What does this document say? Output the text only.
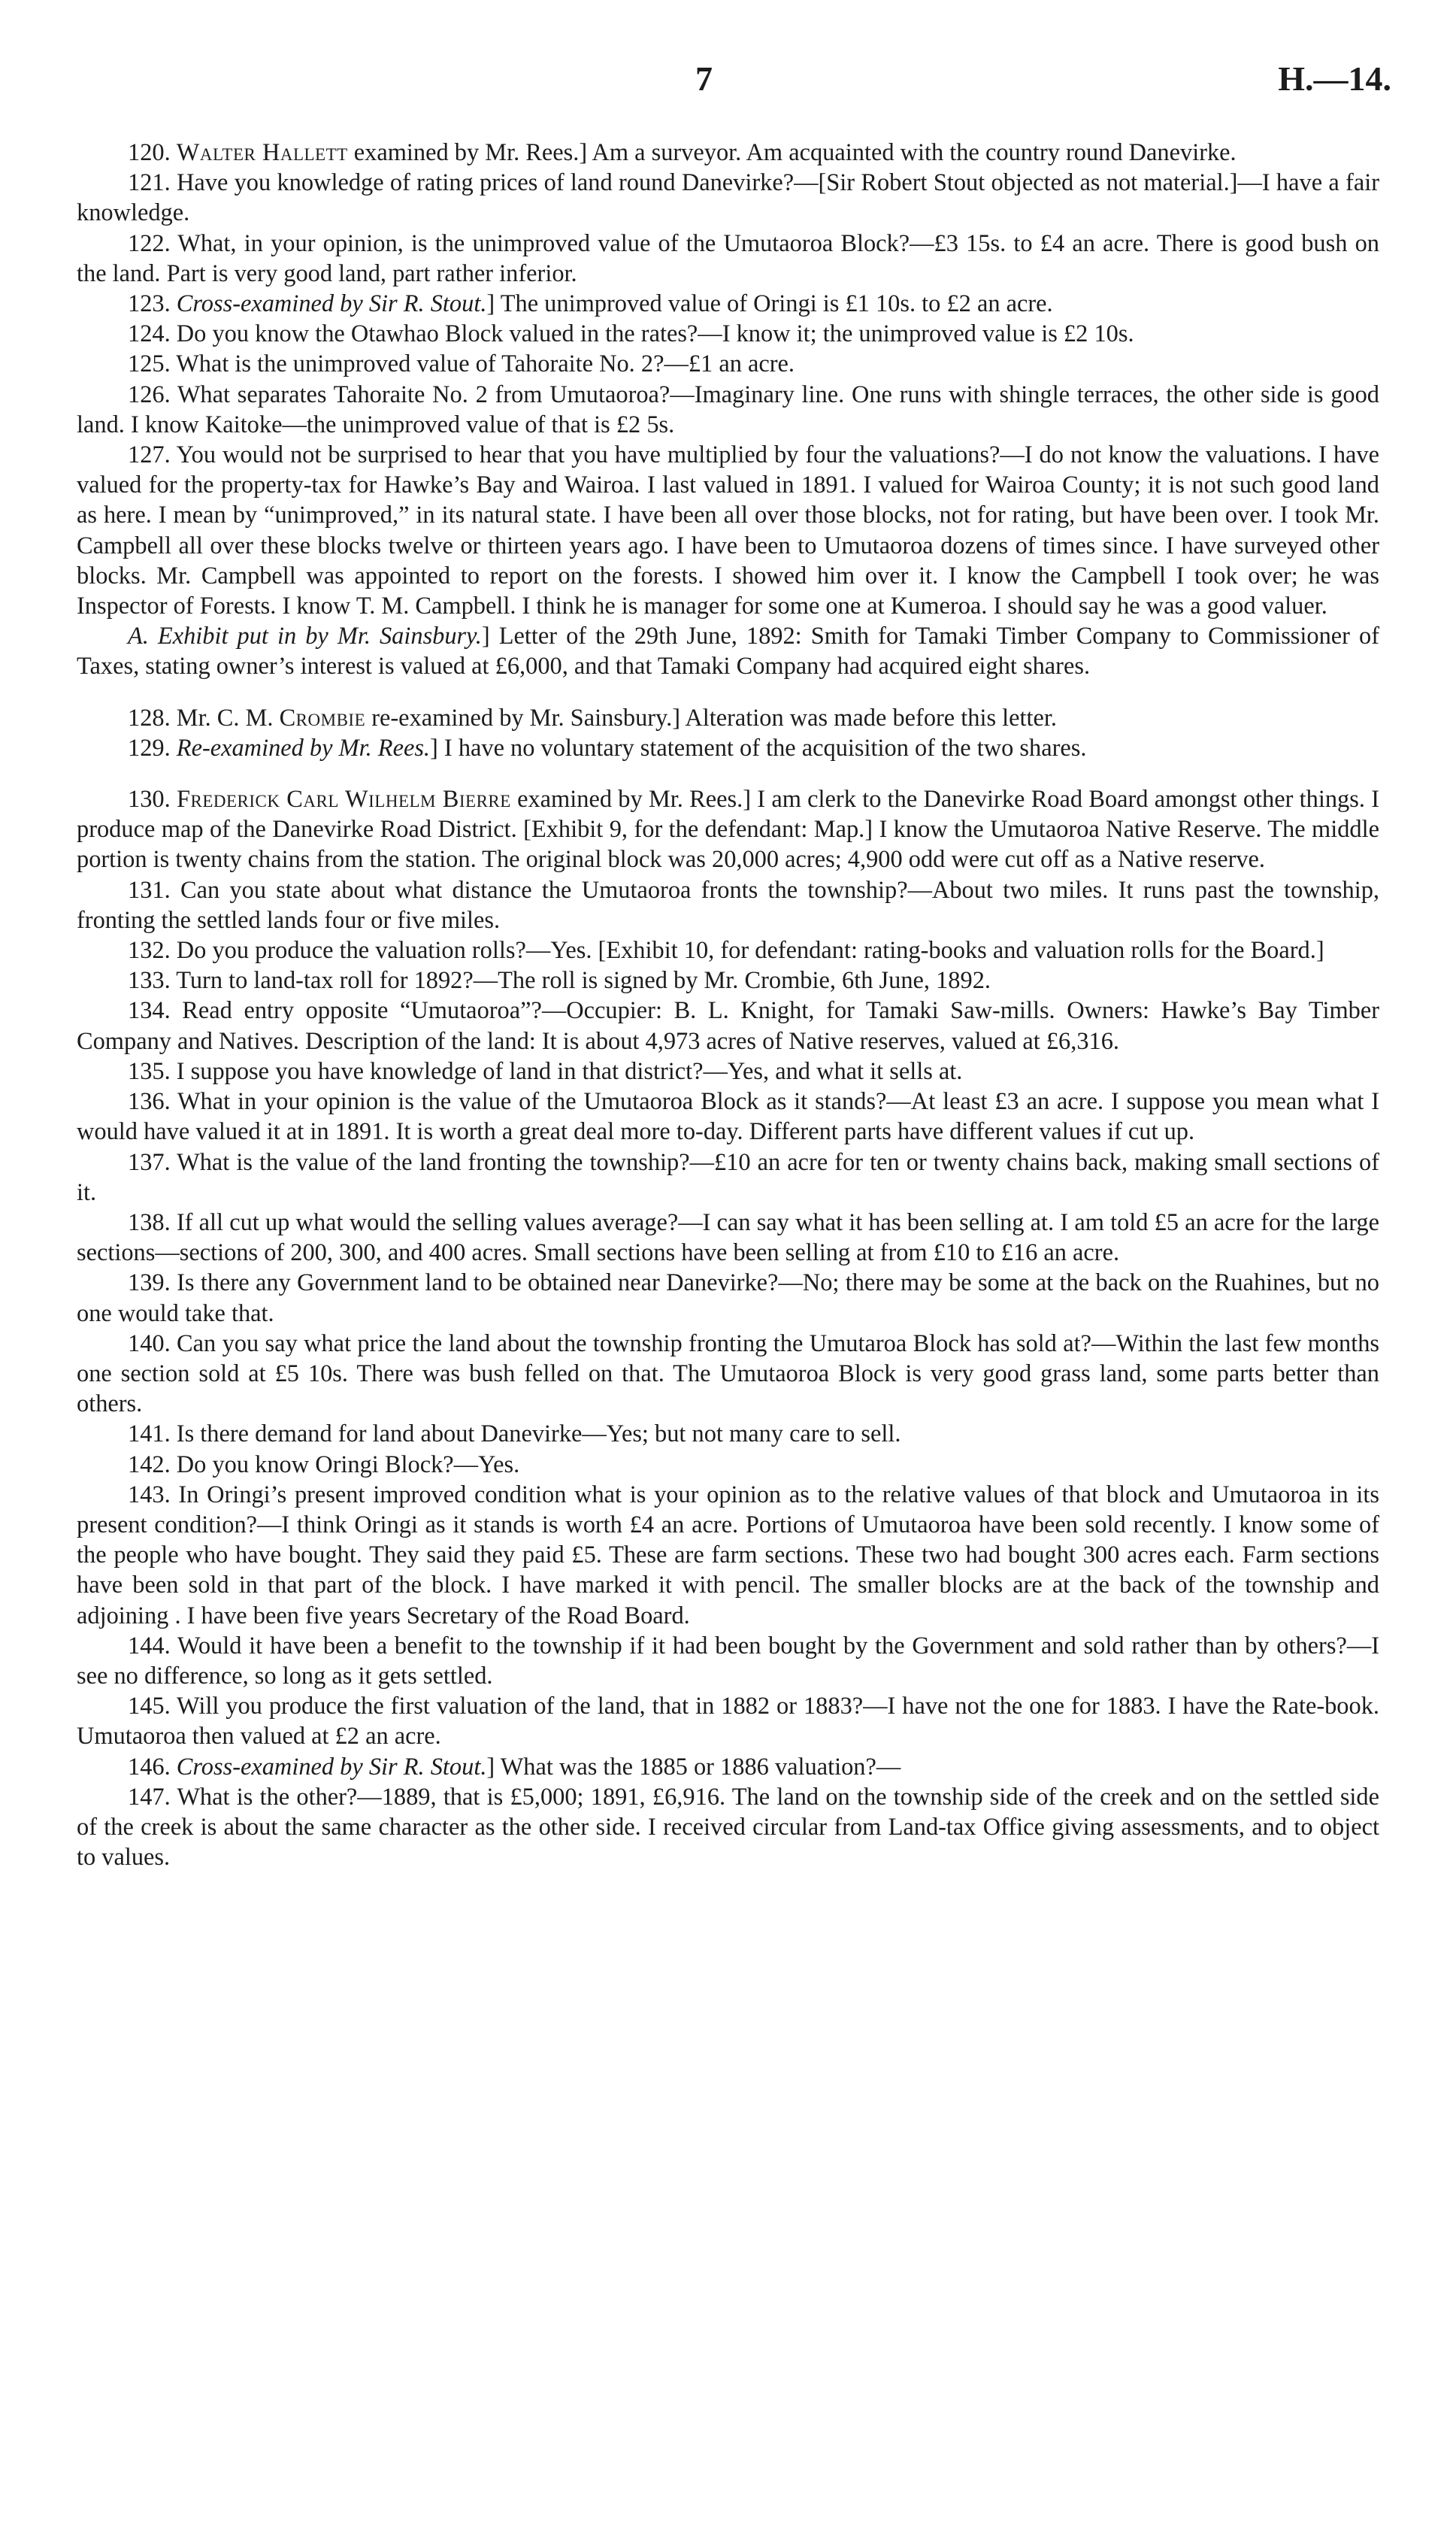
7	H.—14.

120. Walter Hallett examined by Mr. Rees.] Am a surveyor. Am acquainted with the country round Danevirke.

121. Have you knowledge of rating prices of land round Danevirke?—[Sir Robert Stout objected as not material.]—I have a fair knowledge.

122. What, in your opinion, is the unimproved value of the Umutaoroa Block?—£3 15s. to £4 an acre. There is good bush on the land. Part is very good land, part rather inferior.

123. Cross-examined by Sir R. Stout.] The unimproved value of Oringi is £1 10s. to £2 an acre.

124. Do you know the Otawhao Block valued in the rates?—I know it; the unimproved value is £2 10s.

125. What is the unimproved value of Tahoraite No. 2?—£1 an acre.

126. What separates Tahoraite No. 2 from Umutaoroa?—Imaginary line. One runs with shingle terraces, the other side is good land. I know Kaitoke—the unimproved value of that is £2 5s.

127. You would not be surprised to hear that you have multiplied by four the valuations?—I do not know the valuations. I have valued for the property-tax for Hawke’s Bay and Wairoa. I last valued in 1891. I valued for Wairoa County; it is not such good land as here. I mean by “unimproved,” in its natural state. I have been all over those blocks, not for rating, but have been over. I took Mr. Campbell all over these blocks twelve or thirteen years ago. I have been to Umutaoroa dozens of times since. I have surveyed other blocks. Mr. Campbell was appointed to report on the forests. I showed him over it. I know the Campbell I took over; he was Inspector of Forests. I know T. M. Campbell. I think he is manager for some one at Kumeroa. I should say he was a good valuer.

A. Exhibit put in by Mr. Sainsbury.] Letter of the 29th June, 1892: Smith for Tamaki Timber Company to Commissioner of Taxes, stating owner’s interest is valued at £6,000, and that Tamaki Company had acquired eight shares.

128. Mr. C. M. Crombie re-examined by Mr. Sainsbury.] Alteration was made before this letter.

129. Re-examined by Mr. Rees.] I have no voluntary statement of the acquisition of the two shares.

130. Frederick Carl Wilhelm Bierre examined by Mr. Rees.] I am clerk to the Danevirke Road Board amongst other things. I produce map of the Danevirke Road District. [Exhibit 9, for the defendant: Map.] I know the Umutaoroa Native Reserve. The middle portion is twenty chains from the station. The original block was 20,000 acres; 4,900 odd were cut off as a Native reserve.

131. Can you state about what distance the Umutaoroa fronts the township?—About two miles. It runs past the township, fronting the settled lands four or five miles.

132. Do you produce the valuation rolls?—Yes. [Exhibit 10, for defendant: rating-books and valuation rolls for the Board.]

133. Turn to land-tax roll for 1892?—The roll is signed by Mr. Crombie, 6th June, 1892.

134. Read entry opposite “Umutaoroa”?—Occupier: B. L. Knight, for Tamaki Saw-mills. Owners: Hawke’s Bay Timber Company and Natives. Description of the land: It is about 4,973 acres of Native reserves, valued at £6,316.

135. I suppose you have knowledge of land in that district?—Yes, and what it sells at.

136. What in your opinion is the value of the Umutaoroa Block as it stands?—At least £3 an acre. I suppose you mean what I would have valued it at in 1891. It is worth a great deal more to-day. Different parts have different values if cut up.

137. What is the value of the land fronting the township?—£10 an acre for ten or twenty chains back, making small sections of it.

138. If all cut up what would the selling values average?—I can say what it has been selling at. I am told £5 an acre for the large sections—sections of 200, 300, and 400 acres. Small sections have been selling at from £10 to £16 an acre.

139. Is there any Government land to be obtained near Danevirke?—No; there may be some at the back on the Ruahines, but no one would take that.

140. Can you say what price the land about the township fronting the Umutaroa Block has sold at?—Within the last few months one section sold at £5 10s. There was bush felled on that. The Umutaoroa Block is very good grass land, some parts better than others.

141. Is there demand for land about Danevirke—Yes; but not many care to sell.

142. Do you know Oringi Block?—Yes.

143. In Oringi’s present improved condition what is your opinion as to the relative values of that block and Umutaoroa in its present condition?—I think Oringi as it stands is worth £4 an acre. Portions of Umutaoroa have been sold recently. I know some of the people who have bought. They said they paid £5. These are farm sections. These two had bought 300 acres each. Farm sections have been sold in that part of the block. I have marked it with pencil. The smaller blocks are at the back of the township and adjoining . I have been five years Secretary of the Road Board.

144. Would it have been a benefit to the township if it had been bought by the Government and sold rather than by others?—I see no difference, so long as it gets settled.

145. Will you produce the first valuation of the land, that in 1882 or 1883?—I have not the one for 1883. I have the Rate-book. Umutaoroa then valued at £2 an acre.

146. Cross-examined by Sir R. Stout.] What was the 1885 or 1886 valuation?—

147. What is the other?—1889, that is £5,000; 1891, £6,916. The land on the township side of the creek and on the settled side of the creek is about the same character as the other side. I received circular from Land-tax Office giving assessments, and to object to values.
